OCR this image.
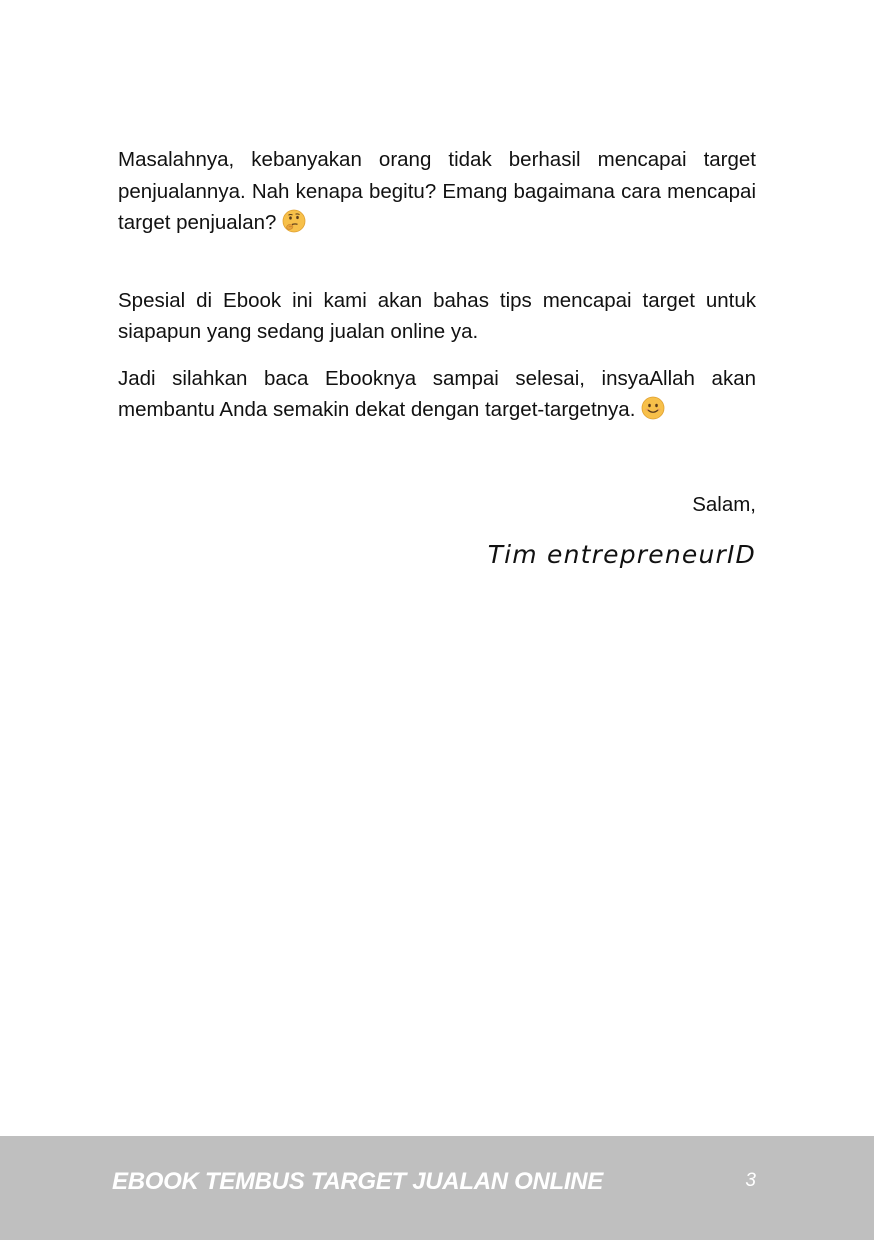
Masalahnya, kebanyakan orang tidak berhasil mencapai target penjualannya. Nah kenapa begitu? Emang bagaimana cara mencapai target penjualan?

Spesial di Ebook ini kami akan bahas tips mencapai target untuk siapapun yang sedang jualan online ya.

Jadi silahkan baca Ebooknya sampai selesai, insyaAllah akan membantu Anda semakin dekat dengan target-targetnya.

Salam,
Tim entrepreneurID
EBOOK TEMBUS TARGET JUALAN ONLINE	3
